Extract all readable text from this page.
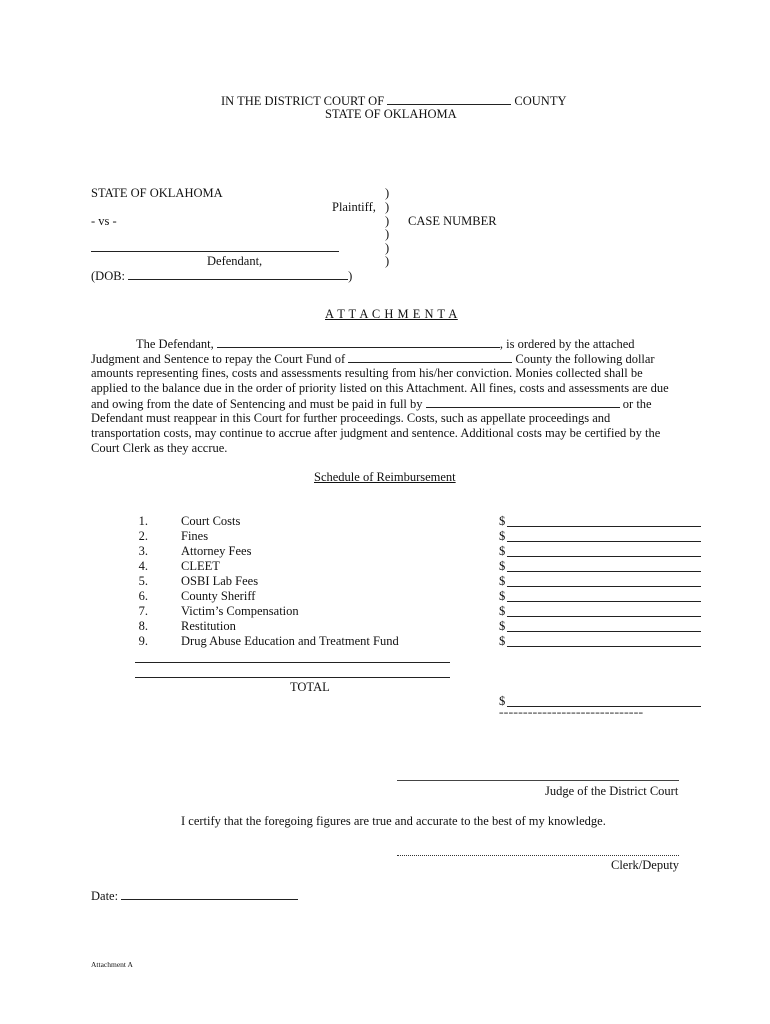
IN THE DISTRICT COURT OF	COUNTY
STATE OF OKLAHOMA
STATE OF OKLAHOMA
Plaintiff,
- vs -
Defendant,
(DOB:	)
)
)
)
)
)
)
CASE NUMBER
A T T A C H M E N T A
The Defendant,	, is ordered by the attached
Judgment and Sentence to repay the Court Fund of	County the following dollar
amounts representing fines, costs and assessments resulting from his/her conviction. Monies collected shall be
applied to the balance due in the order of priority listed on this Attachment. All fines, costs and assessments are due
and owing from the date of Sentencing and must be paid in full by	or the
Defendant must reappear in this Court for further proceedings. Costs, such as appellate proceedings and
transportation costs, may continue to accrue after judgment and sentence. Additional costs may be certified by the
Court Clerk as they accrue.
Schedule of Reimbursement
1.	Court Costs	$
2.	Fines	$
3.	Attorney Fees	$
4.	CLEET	$
5.	OSBI Lab Fees	$
6.	County Sheriff	$
7.	Victim’s Compensation	$
8.	Restitution	$
9.	Drug Abuse Education and Treatment Fund	$
TOTAL
$
==============================
Judge of the District Court
I certify that the foregoing figures are true and accurate to the best of my knowledge.
Clerk/Deputy
Date:
Attachment A
